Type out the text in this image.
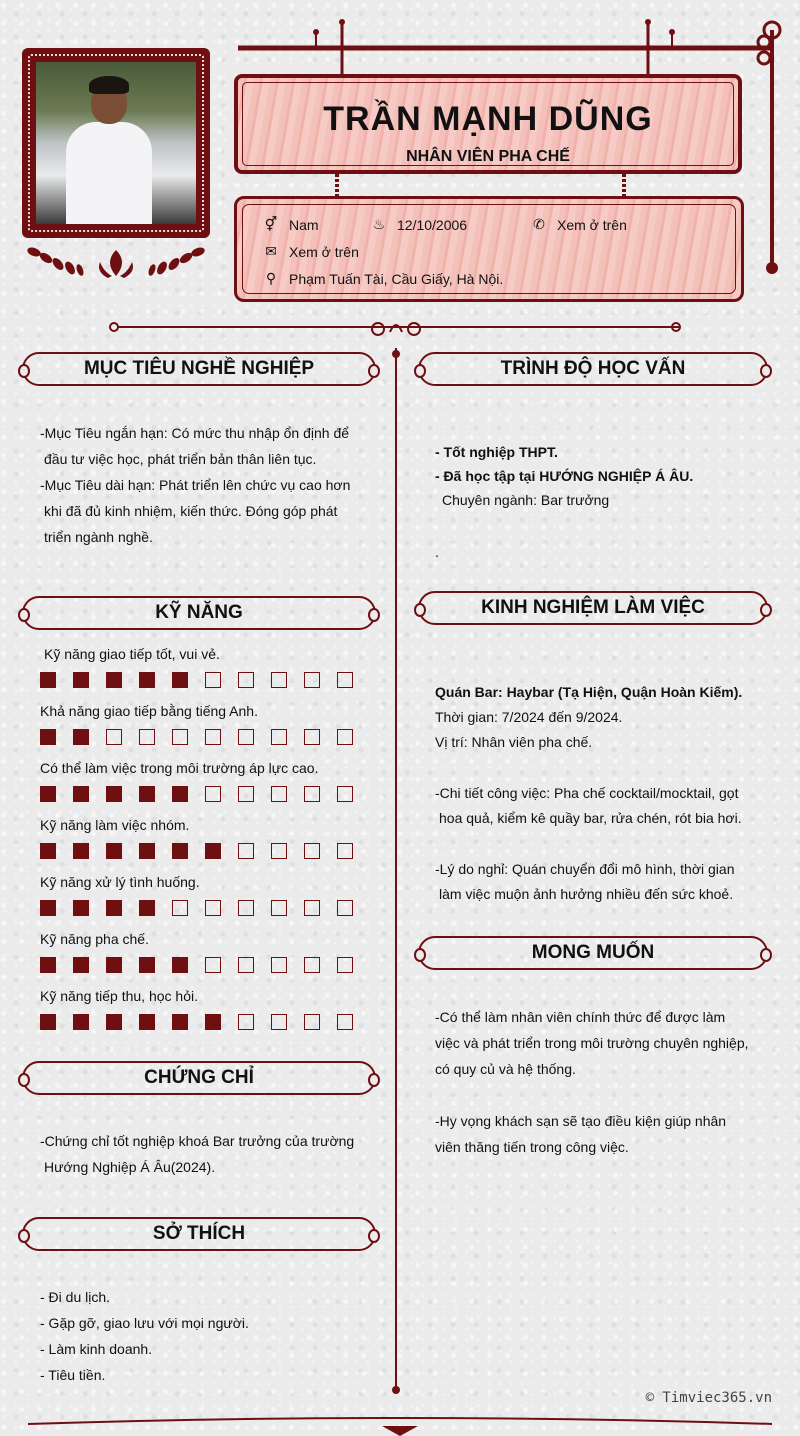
TRẦN MẠNH DŨNG
NHÂN VIÊN PHA CHẾ
⚥ Nam	♨ 12/10/2006	✆ Xem ở trên
✉ Xem ở trên
⚲ Phạm Tuấn Tài, Cầu Giấy, Hà Nội.
MỤC TIÊU NGHỀ NGHIỆP

-Mục Tiêu ngắn hạn: Có mức thu nhập ổn định để

đầu tư việc học, phát triển bản thân liên tục.

-Mục Tiêu dài hạn: Phát triển lên chức vụ cao hơn

khi đã đủ kinh nhiệm, kiến thức. Đóng góp phát

triển ngành nghề.

KỸ NĂNG
Kỹ năng giao tiếp tốt, vui vẻ.
Khả năng giao tiếp bằng tiếng Anh.
Có thể làm việc trong môi trường áp lực cao.
Kỹ năng làm việc nhóm.
Kỹ năng xử lý tình huống.
Kỹ năng pha chế.
Kỹ năng tiếp thu, học hỏi.
CHỨNG CHỈ

-Chứng chỉ tốt nghiệp khoá Bar trưởng của trường

Hướng Nghiệp Á Âu(2024).

SỞ THÍCH

- Đi du lịch.

- Gặp gỡ, giao lưu với mọi người.

- Làm kinh doanh.

- Tiêu tiền.

TRÌNH ĐỘ HỌC VẤN

- Tốt nghiệp THPT.

- Đã học tập tại HƯỚNG NGHIỆP Á ÂU.

Chuyên ngành: Bar trưởng

.

KINH NGHIỆM LÀM VIỆC

Quán Bar: Haybar (Tạ Hiện, Quận Hoàn Kiếm).

Thời gian: 7/2024 đến 9/2024.

Vị trí: Nhân viên pha chế.

-Chi tiết công việc: Pha chế cocktail/mocktail, gọt

hoa quả, kiểm kê quầy bar, rửa chén, rót bia hơi.

-Lý do nghỉ: Quán chuyển đổi mô hình, thời gian

làm việc muộn ảnh hưởng nhiều đến sức khoẻ.

MONG MUỐN

-Có thể làm nhân viên chính thức để được làm

việc và phát triển trong môi trường chuyên nghiệp,

có quy củ và hệ thống.

-Hy vọng khách sạn sẽ tạo điều kiện giúp nhân

viên thăng tiến trong công việc.

© Timviec365.vn
